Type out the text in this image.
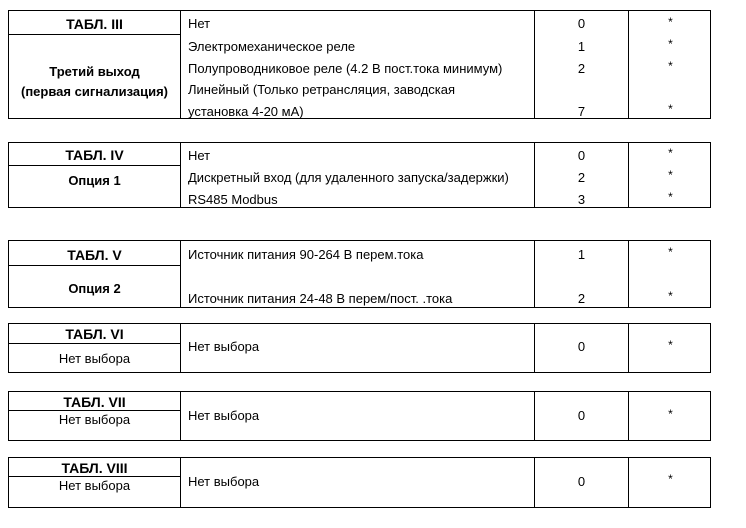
ТАБЛ. III
Третий выход
(первая сигнализация)
Нет	0	*
Электромеханическое реле	1	*
Полупроводниковое реле (4.2 В пост.тока минимум)	2	*
Линейный (Только ретрансляция, заводская
установка 4-20 мА)	7	*
ТАБЛ. IV
Опция 1
Нет	0	*
Дискретный вход (для удаленного запуска/задержки)	2	*
RS485 Modbus	3	*
ТАБЛ. V
Опция 2
Источник питания 90-264 В перем.тока	1	*
Источник питания 24-48 В перем/пост. .тока	2	*
ТАБЛ. VI
Нет выбора
Нет выбора	0	*
ТАБЛ. VII
Нет выбора	Нет выбора	0	*
ТАБЛ. VIII
Нет выбора	Нет выбора	0	*
